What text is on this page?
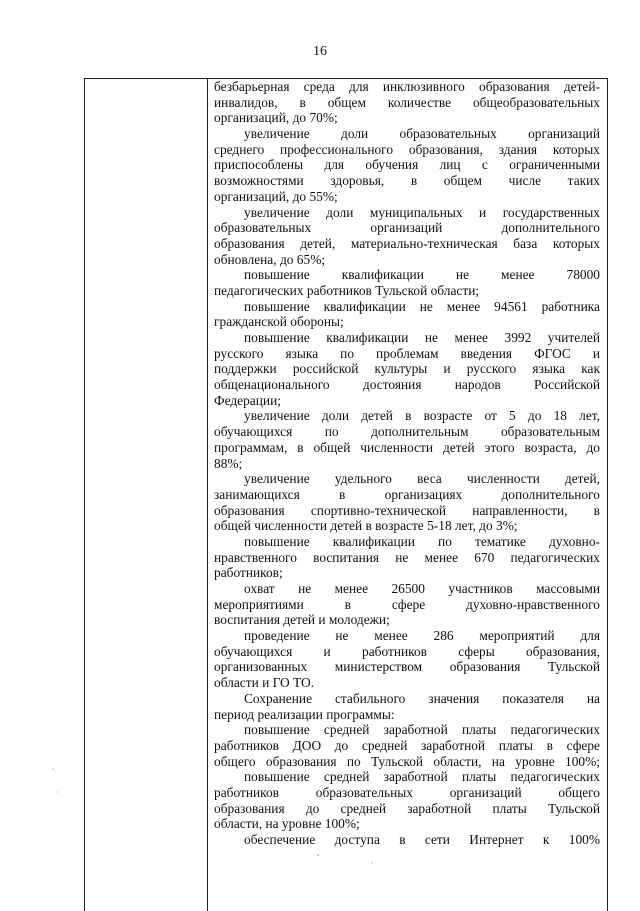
16
безбарьерная среда для инклюзивного образования детей-
инвалидов, в общем количестве общеобразовательных
организаций, до 70%;
увеличение доли образовательных организаций
среднего профессионального образования, здания которых
приспособлены для обучения лиц с ограниченными
возможностями здоровья, в общем числе таких
организаций, до 55%;
увеличение доли муниципальных и государственных
образовательных организаций дополнительного
образования детей, материально-техническая база которых
обновлена, до 65%;
повышение квалификации не менее 78000
педагогических работников Тульской области;
повышение квалификации не менее 94561 работника
гражданской обороны;
повышение квалификации не менее 3992 учителей
русского языка по проблемам введения ФГОС и
поддержки российской культуры и русского языка как
общенационального достояния народов Российской
Федерации;
увеличение доли детей в возрасте от 5 до 18 лет,
обучающихся по дополнительным образовательным
программам, в общей численности детей этого возраста, до
88%;
увеличение удельного веса численности детей,
занимающихся в организациях дополнительного
образования спортивно-технической направленности, в
общей численности детей в возрасте 5-18 лет, до 3%;
повышение квалификации по тематике духовно-
нравственного воспитания не менее 670 педагогических
работников;
охват не менее 26500 участников массовыми
мероприятиями в сфере духовно-нравственного
воспитания детей и молодежи;
проведение не менее 286 мероприятий для
обучающихся и работников сферы образования,
организованных министерством образования Тульской
области и ГО ТО.
Сохранение стабильного значения показателя на
период реализации программы:
повышение средней заработной платы педагогических
работников ДОО до средней заработной платы в сфере
общего образования по Тульской области, на уровне 100%;
повышение средней заработной платы педагогических
работников образовательных организаций общего
образования до средней заработной платы Тульской
области, на уровне 100%;
обеспечение доступа в сети Интернет к 100%
